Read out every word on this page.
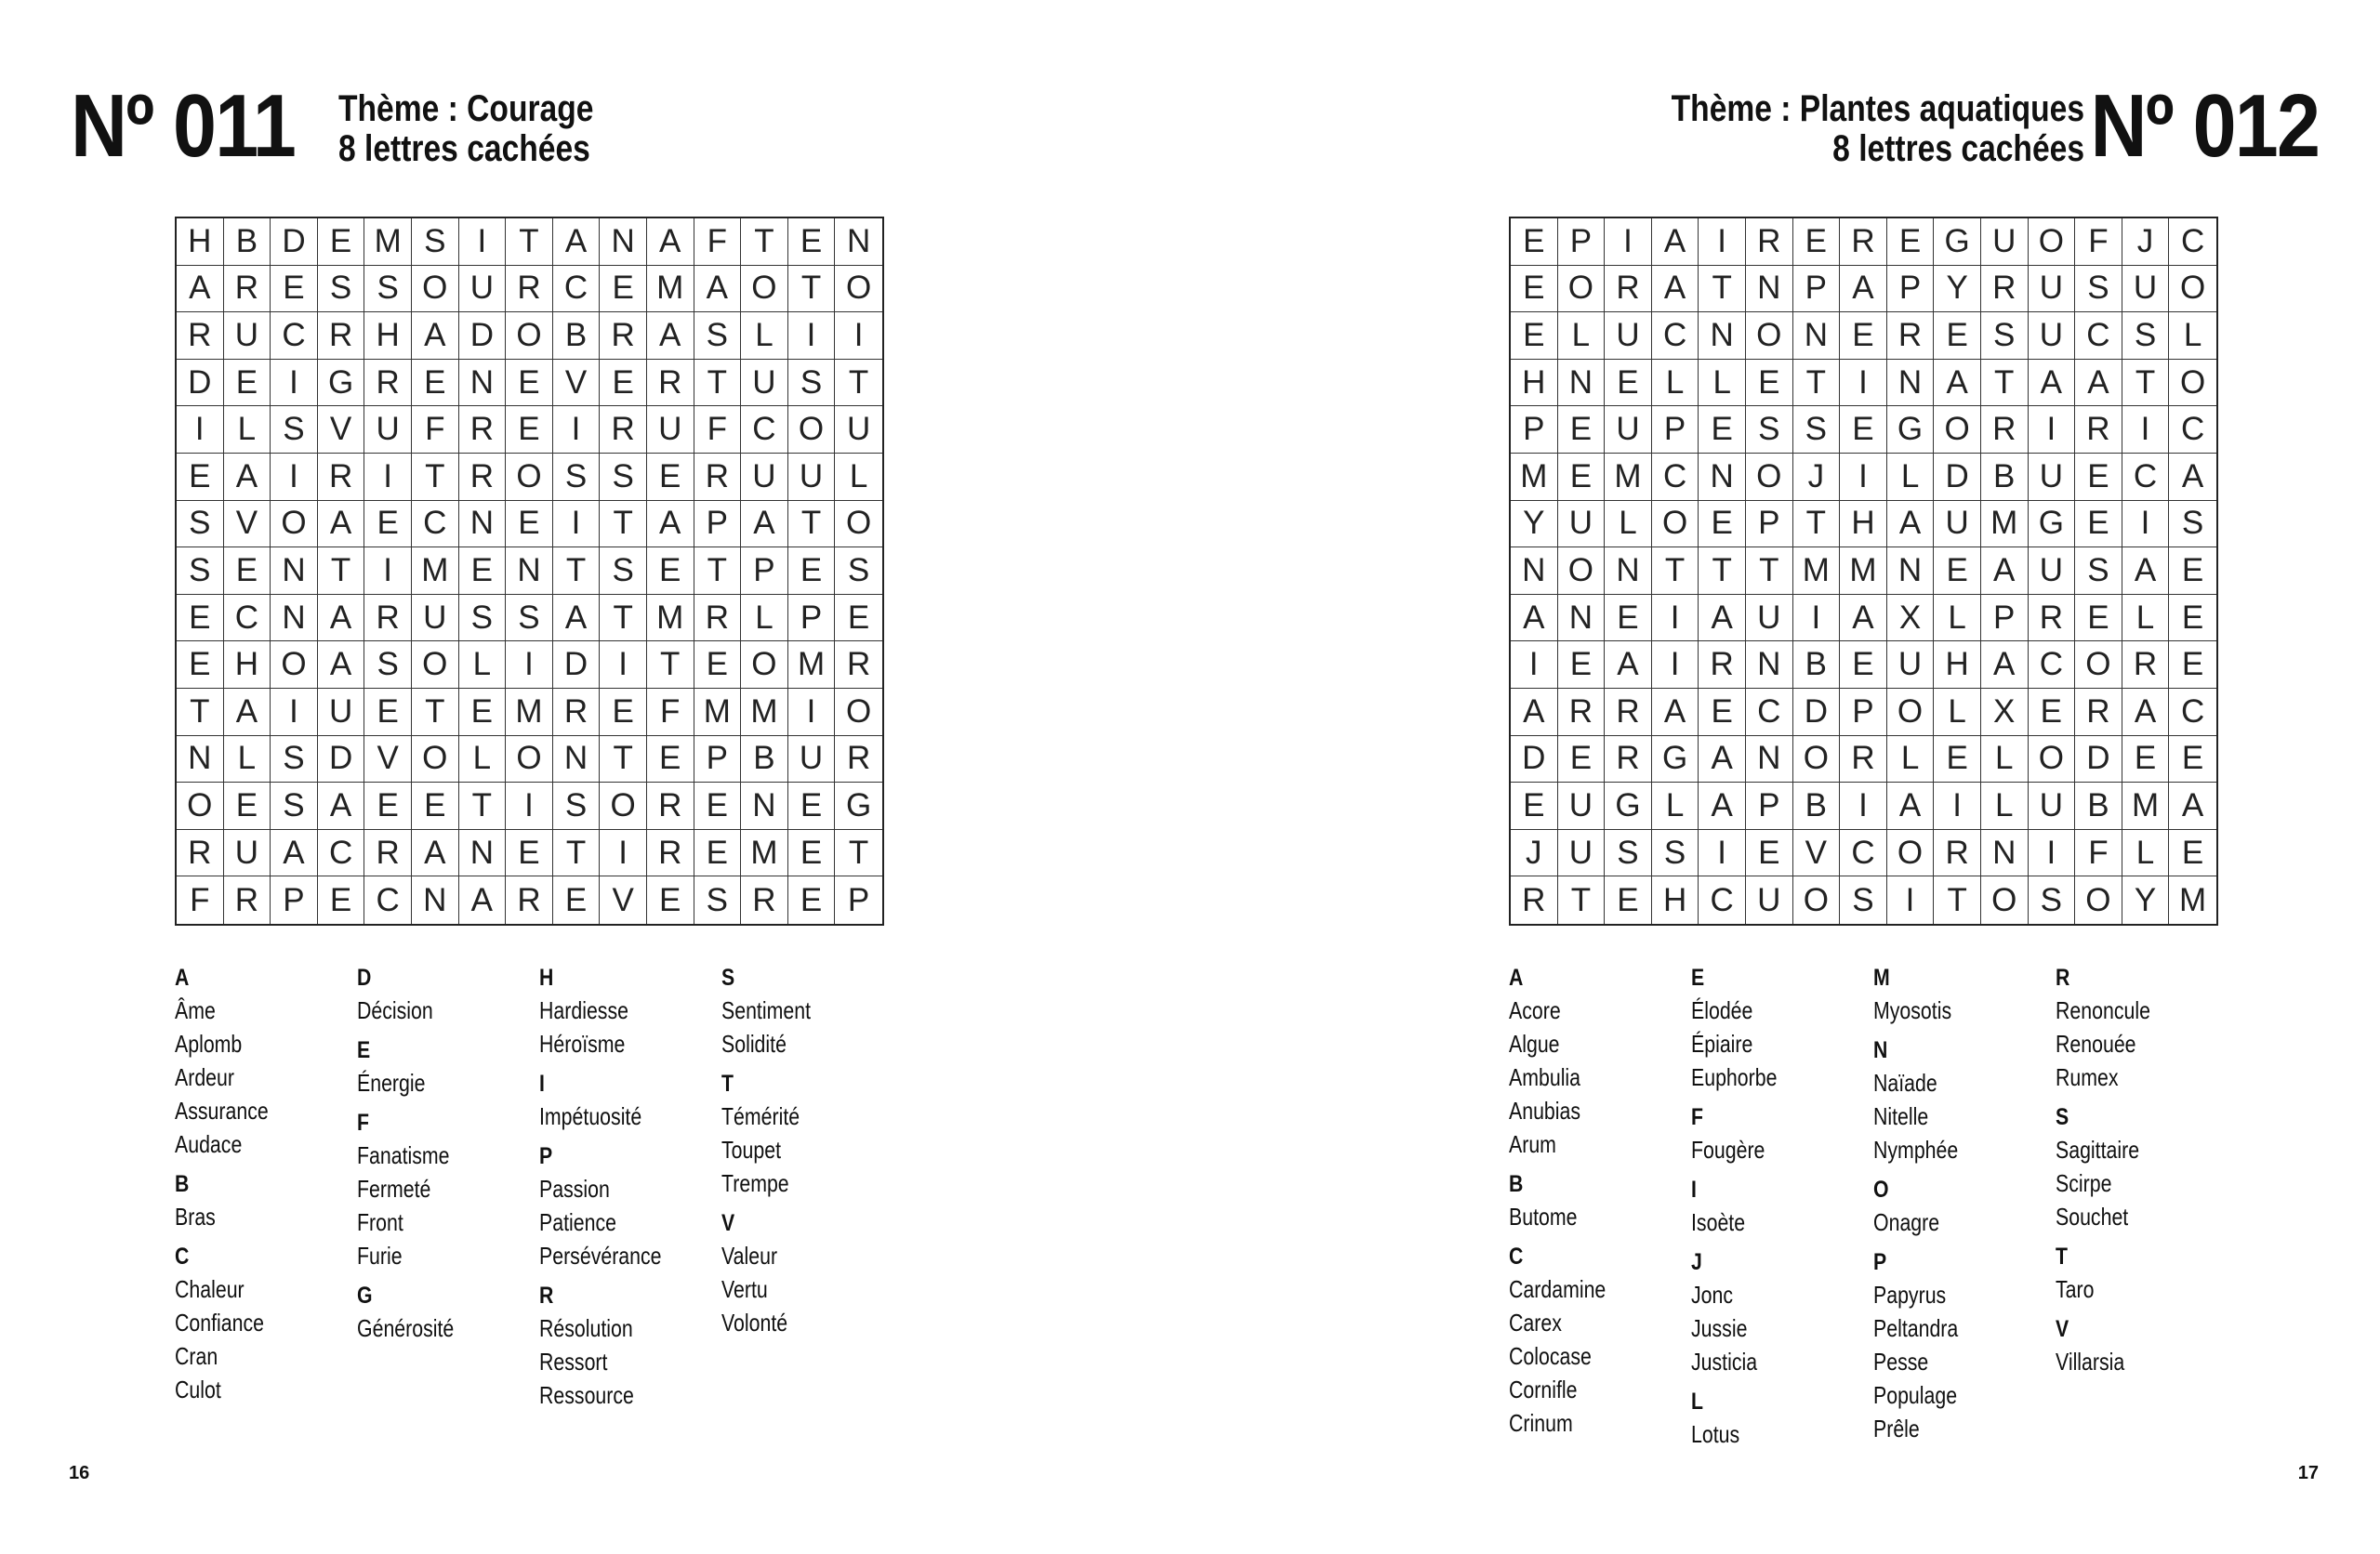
Nº 011 Thème : Courage
8 lettres cachées
H B D E M S I	T A N A F T E N
A R E S S O U R C E M A O T O
R U C R H A D O B R A S L	I	I
D E I G R E N E V E R T U S T
I	L S V U F R E I R U F C O U
E A I R I	T R O S S E R U U L
S V O A E C N E I	T A P A T O
S E N T	I M E N T S E T P E S
E C N A R U S S A T M R L P E
E H O A S O L	I D I	T E O M R
T A I U E T E M R E F M M I O
N L S D V O L O N T E P B U R
O E S A E E T	I S O R E N E G
R U A C R A N E T	I R E M E T
F R P E C N A R E V E S R E P
A
Âme
Aplomb
Ardeur
Assurance
Audace
B
Bras
C
Chaleur
Confiance
Cran
Culot
D
Décision
E
Énergie
F
Fanatisme
Fermeté
Front
Furie
G
Générosité
H
Hardiesse
Héroïsme
I
Impétuosité
P
Passion
Patience
Persévérance
R
Résolution
Ressort
Ressource
S
Sentiment
Solidité
T
Témérité
Toupet
Trempe
V
Valeur
Vertu
Volonté
16
Thème : Plantes aquatiques
8 lettres cachées Nº 012
E P I A I R E R E G U O F J C
E O R A T N P A P Y R U S U O
E L U C N O N E R E S U C S L
H N E L L E T	I N A T A A T O
P E U P E S S E G O R I R I C
M E M C N O J	I	L D B U E C A
Y U L O E P T H A U M G E I S
N O N T T T M M N E A U S A E
A N E I A U I A X L P R E L E
I E A I R N B E U H A C O R E
A R R A E C D P O L X E R A C
D E R G A N O R L E L O D E E
E U G L A P B I A I	L U B M A
J U S S I E V C O R N I	F L E
R T E H C U O S I	T O S O Y M
A
Acore
Algue
Ambulia
Anubias
Arum
B
Butome
C
Cardamine
Carex
Colocase
Cornifle
Crinum
E
Élodée
Épiaire
Euphorbe
F
Fougère
I
Isoète
J
Jonc
Jussie
Justicia
L
Lotus
M
Myosotis
N
Naïade
Nitelle
Nymphée
O
Onagre
P
Papyrus
Peltandra
Pesse
Populage
Prêle
R
Renoncule
Renouée
Rumex
S
Sagittaire
Scirpe
Souchet
T
Taro
V
Villarsia
17
